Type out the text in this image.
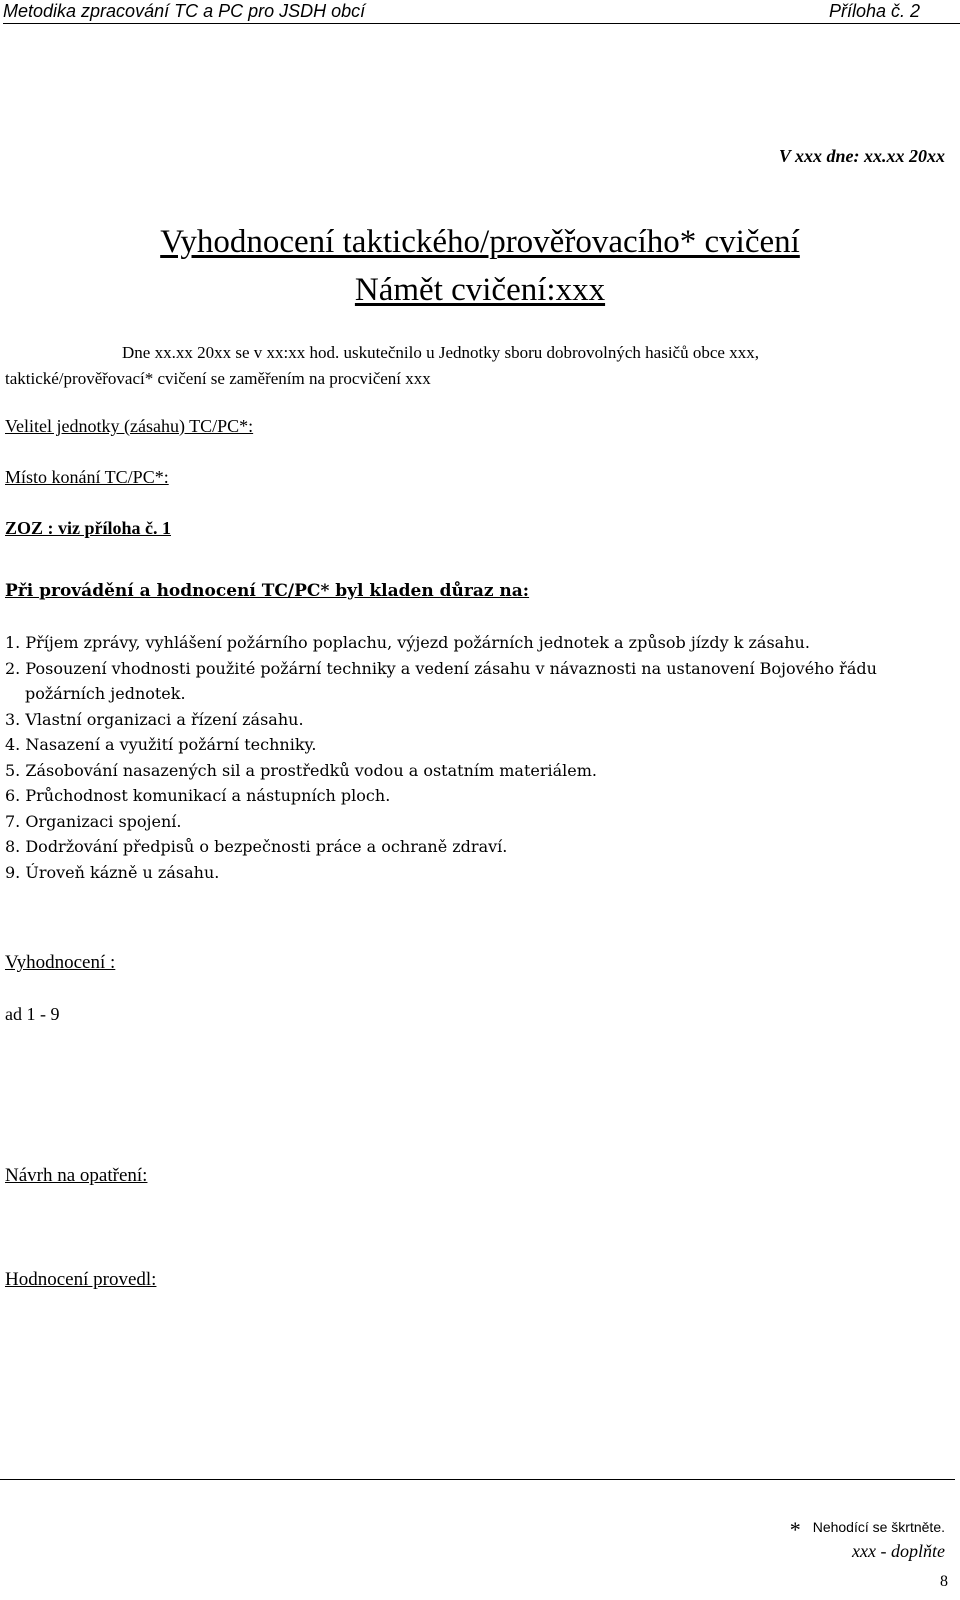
Metodika zpracování TC a PC pro JSDH obcí	Příloha č. 2
V xxx dne: xx.xx 20xx
Vyhodnocení taktického/prověřovacího* cvičení
Námět cvičení:xxx
Dne xx.xx 20xx se v xx:xx hod. uskutečnilo u Jednotky sboru dobrovolných hasičů obce xxx,
taktické/prověřovací* cvičení se zaměřením na procvičení xxx
Velitel jednotky (zásahu) TC/PC*:
Místo konání TC/PC*:
ZOZ : viz příloha č. 1
Při provádění a hodnocení TC/PC* byl kladen důraz na:
1. Příjem zprávy, vyhlášení požárního poplachu, výjezd požárních jednotek a způsob jízdy k zásahu.
2. Posouzení vhodnosti použité požární techniky a vedení zásahu v návaznosti na ustanovení Bojového řádu požárních jednotek.
3. Vlastní organizaci a řízení zásahu.
4. Nasazení a využití požární techniky.
5. Zásobování nasazených sil a prostředků vodou a ostatním materiálem.
6. Průchodnost komunikací a nástupních ploch.
7. Organizaci spojení.
8. Dodržování předpisů o bezpečnosti práce a ochraně zdraví.
9. Úroveň kázně u zásahu.
Vyhodnocení :
ad 1 - 9
Návrh na opatření:
Hodnocení provedl:
* Nehodící se škrtněte.
xxx - doplňte
8
